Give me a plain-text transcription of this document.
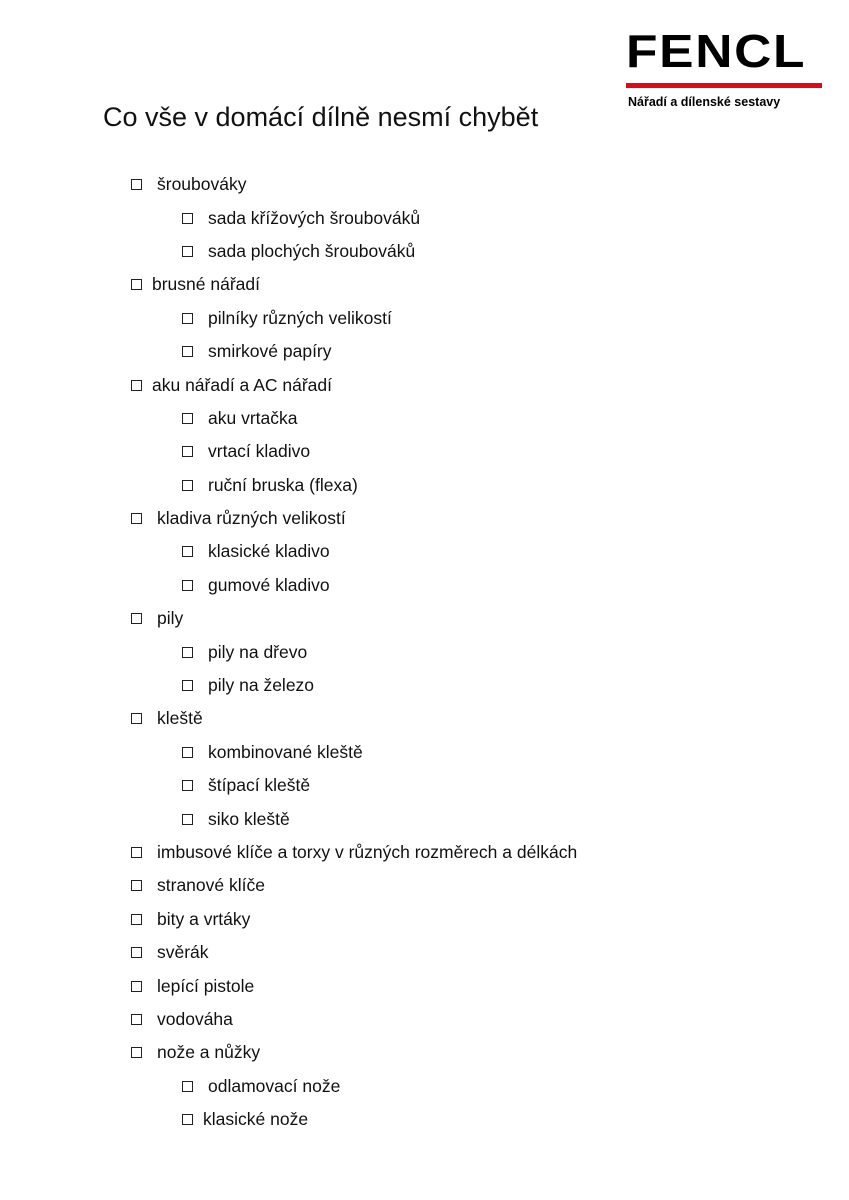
FENCL
Nářadí a dílenské sestavy
Co vše v domácí dílně nesmí chybět
šroubováky
sada křížových šroubováků
sada plochých šroubováků
brusné nářadí
pilníky různých velikostí
smirkové papíry
aku nářadí a AC nářadí
aku vrtačka
vrtací kladivo
ruční bruska (flexa)
kladiva různých velikostí
klasické kladivo
gumové kladivo
pily
pily na dřevo
pily na železo
kleště
kombinované kleště
štípací kleště
siko kleště
imbusové klíče a torxy v různých rozměrech a délkách
stranové klíče
bity a vrtáky
svěrák
lepící pistole
vodováha
nože a nůžky
odlamovací nože
klasické nože
